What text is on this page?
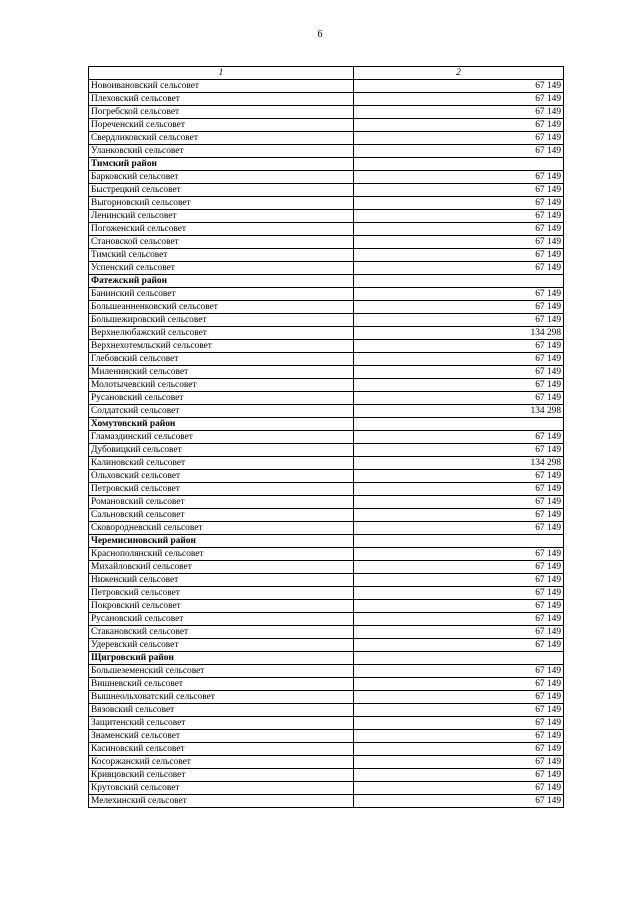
6
1	2
Новоивановский сельсовет	67 149
Плеховский сельсовет	67 149
Погребской сельсовет	67 149
Пореченский сельсовет	67 149
Свердликовский сельсовет	67 149
Уланковский сельсовет	67 149
Тимский район	
Барковский сельсовет	67 149
Быстрецкий сельсовет	67 149
Выгорновский сельсовет	67 149
Ленинский сельсовет	67 149
Погоженский сельсовет	67 149
Становской сельсовет	67 149
Тимский сельсовет	67 149
Успенский сельсовет	67 149
Фатежский район	
Банинский сельсовет	67 149
Большеанненковский сельсовет	67 149
Большежировский сельсовет	67 149
Верхнелюбажский сельсовет	134 298
Верхнехотемльский сельсовет	67 149
Глебовский сельсовет	67 149
Миленинский сельсовет	67 149
Молотычевский сельсовет	67 149
Русановский сельсовет	67 149
Солдатский сельсовет	134 298
Хомутовский район	
Гламаздинский сельсовет	67 149
Дубовицкий сельсовет	67 149
Калиновский сельсовет	134 298
Ольховский сельсовет	67 149
Петровский сельсовет	67 149
Романовский сельсовет	67 149
Сальновский сельсовет	67 149
Сковородневский сельсовет	67 149
Черемисиновский район	
Краснополянский сельсовет	67 149
Михайловский сельсовет	67 149
Ниженский сельсовет	67 149
Петровский сельсовет	67 149
Покровский сельсовет	67 149
Русановский сельсовет	67 149
Стакановский сельсовет	67 149
Удеревский сельсовет	67 149
Щигровский район	
Большеземенский сельсовет	67 149
Вишневский сельсовет	67 149
Вышнеольховатский сельсовет	67 149
Вязовский сельсовет	67 149
Защитенский сельсовет	67 149
Знаменский сельсовет	67 149
Касиновский сельсовет	67 149
Косоржанский сельсовет	67 149
Кривцовский сельсовет	67 149
Крутовский сельсовет	67 149
Мелехинский сельсовет	67 149
